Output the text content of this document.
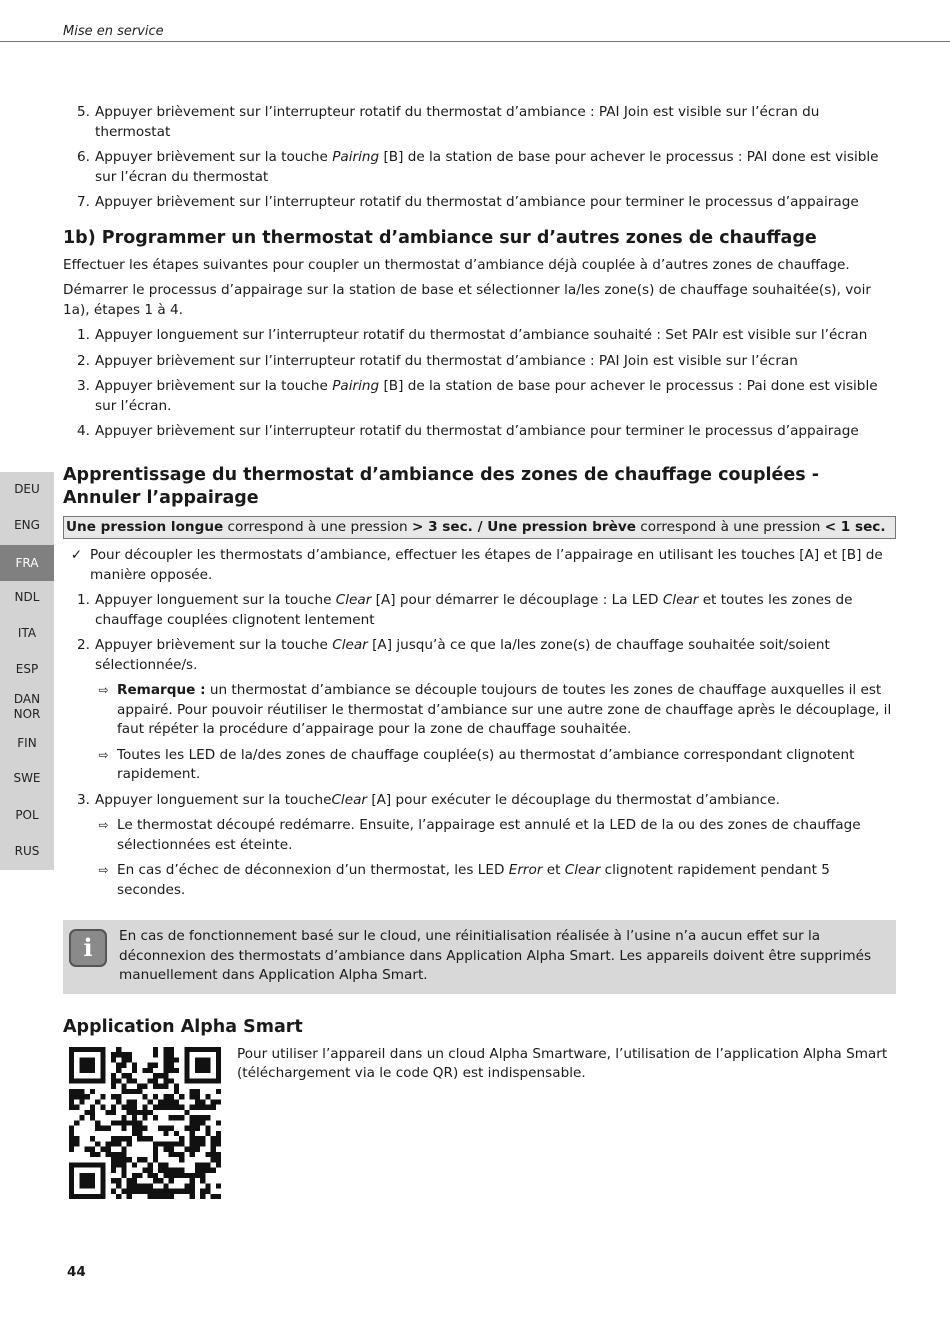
Mise en service
5. Appuyer brièvement sur l’interrupteur rotatif du thermostat d’ambiance : PAI Join est visible sur l’écran du thermostat
6. Appuyer brièvement sur la touche Pairing [B] de la station de base pour achever le processus : PAI done est visible sur l’écran du thermostat
7. Appuyer brièvement sur l’interrupteur rotatif du thermostat d’ambiance pour terminer le processus d’appairage
1b) Programmer un thermostat d’ambiance sur d’autres zones de chauffage

Effectuer les étapes suivantes pour coupler un thermostat d’ambiance déjà couplée à d’autres zones de chauffage.

Démarrer le processus d’appairage sur la station de base et sélectionner la/les zone(s) de chauffage souhaitée(s), voir 1a), étapes 1 à 4.

1. Appuyer longuement sur l’interrupteur rotatif du thermostat d’ambiance souhaité : Set PAIr est visible sur l’écran
2. Appuyer brièvement sur l’interrupteur rotatif du thermostat d’ambiance : PAI Join est visible sur l’écran
3. Appuyer brièvement sur la touche Pairing [B] de la station de base pour achever le processus : Pai done est visible sur l’écran.
4. Appuyer brièvement sur l’interrupteur rotatif du thermostat d’ambiance pour terminer le processus d’appairage
Apprentissage du thermostat d’ambiance des zones de chauffage couplées - Annuler l’appairage
Une pression longue correspond à une pression > 3 sec. / Une pression brève correspond à une pression < 1 sec.
✓ Pour découpler les thermostats d’ambiance, effectuer les étapes de l’appairage en utilisant les touches [A] et [B] de manière opposée.
1. Appuyer longuement sur la touche Clear [A] pour démarrer le découplage : La LED Clear et toutes les zones de chauffage couplées clignotent lentement
2. Appuyer brièvement sur la touche Clear [A] jusqu’à ce que la/les zone(s) de chauffage souhaitée soit/soient sélectionnée/s.
⇨ Remarque : un thermostat d’ambiance se découple toujours de toutes les zones de chauffage auxquelles il est appairé. Pour pouvoir réutiliser le thermostat d’ambiance sur une autre zone de chauffage après le découplage, il faut répéter la procédure d’appairage pour la zone de chauffage souhaitée.
⇨ Toutes les LED de la/des zones de chauffage couplée(s) au thermostat d’ambiance correspondant clignotent rapidement.
3. Appuyer longuement sur la toucheClear [A] pour exécuter le découplage du thermostat d’ambiance.
⇨ Le thermostat découpé redémarre. Ensuite, l’appairage est annulé et la LED de la ou des zones de chauffage sélectionnées est éteinte.
⇨ En cas d’échec de déconnexion d’un thermostat, les LED Error et Clear clignotent rapidement pendant 5 secondes.
i	En cas de fonctionnement basé sur le cloud, une réinitialisation réalisée à l’usine n’a aucun effet sur la déconnexion des thermostats d’ambiance dans Application Alpha Smart. Les appareils doivent être supprimés manuellement dans Application Alpha Smart.
Application Alpha Smart
Pour utiliser l’appareil dans un cloud Alpha Smartware, l’utilisation de l’application Alpha Smart (téléchargement via le code QR) est indispensable.
DEU
ENG
FRA
NDL
ITA
ESP
DAN
NOR
FIN
SWE
POL
RUS
44
